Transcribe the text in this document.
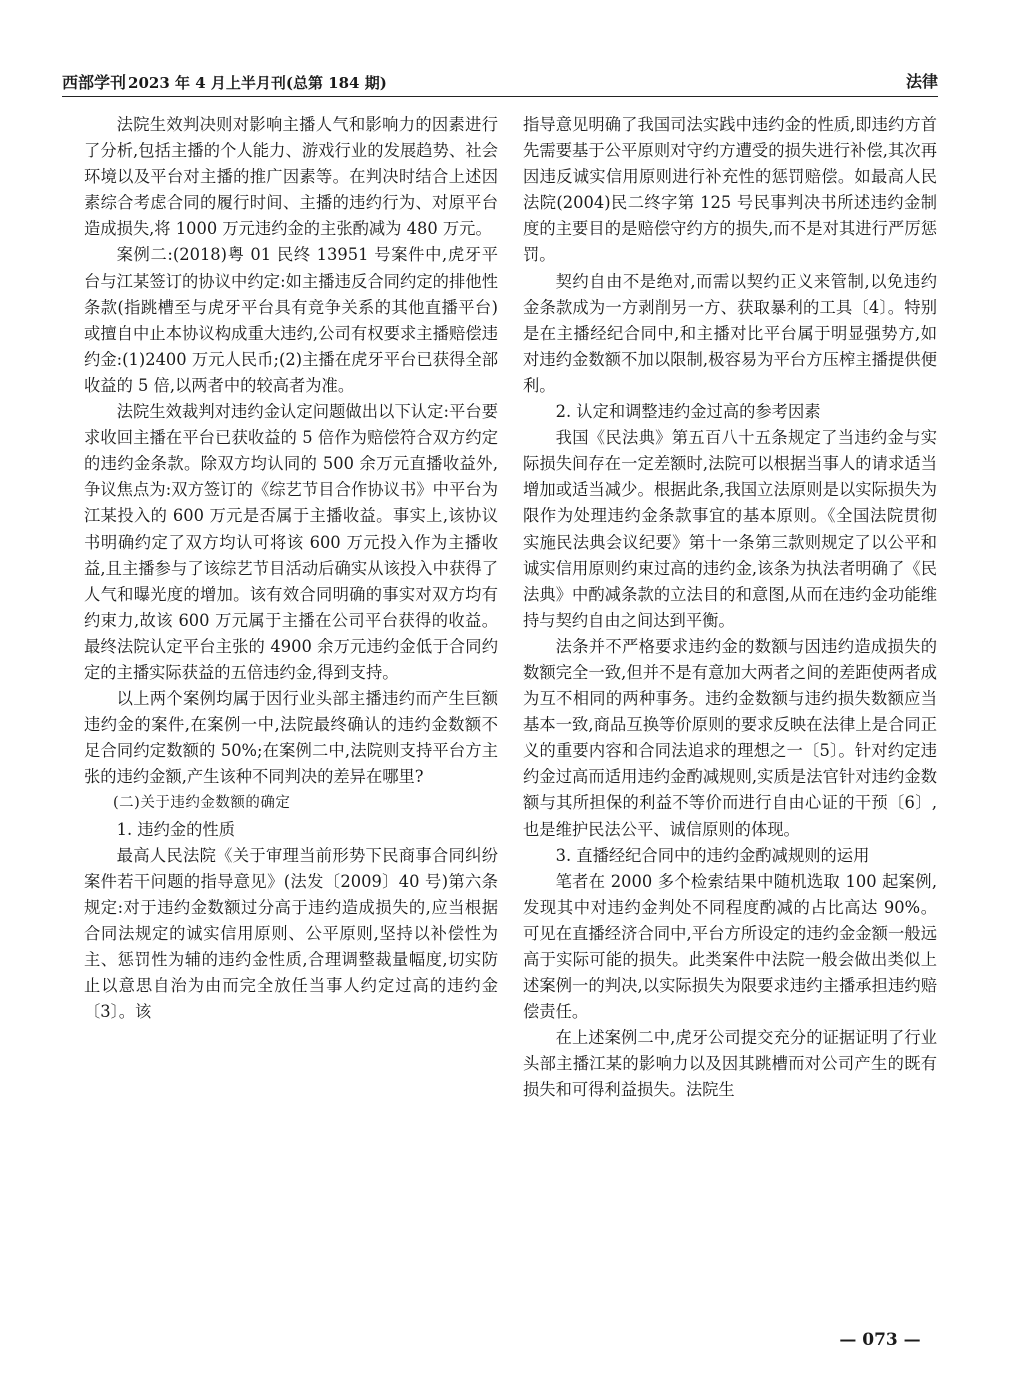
西部学刊 2023 年 4 月上半月刊(总第 184 期)	法律

法院生效判决则对影响主播人气和影响力的因素进行了分析,包括主播的个人能力、游戏行业的发展趋势、社会环境以及平台对主播的推广因素等。在判决时结合上述因素综合考虑合同的履行时间、主播的违约行为、对原平台造成损失,将 1000 万元违约金的主张酌减为 480 万元。

案例二:(2018)粤 01 民终 13951 号案件中,虎牙平台与江某签订的协议中约定:如主播违反合同约定的排他性条款(指跳槽至与虎牙平台具有竞争关系的其他直播平台)或擅自中止本协议构成重大违约,公司有权要求主播赔偿违约金:(1)2400 万元人民币;(2)主播在虎牙平台已获得全部收益的 5 倍,以两者中的较高者为准。

法院生效裁判对违约金认定问题做出以下认定:平台要求收回主播在平台已获收益的 5 倍作为赔偿符合双方约定的违约金条款。除双方均认同的 500 余万元直播收益外,争议焦点为:双方签订的《综艺节目合作协议书》中平台为江某投入的 600 万元是否属于主播收益。事实上,该协议书明确约定了双方均认可将该 600 万元投入作为主播收益,且主播参与了该综艺节目活动后确实从该投入中获得了人气和曝光度的增加。该有效合同明确的事实对双方均有约束力,故该 600 万元属于主播在公司平台获得的收益。最终法院认定平台主张的 4900 余万元违约金低于合同约定的主播实际获益的五倍违约金,得到支持。

以上两个案例均属于因行业头部主播违约而产生巨额违约金的案件,在案例一中,法院最终确认的违约金数额不足合同约定数额的 50%;在案例二中,法院则支持平台方主张的违约金额,产生该种不同判决的差异在哪里?

(二)关于违约金数额的确定

1. 违约金的性质

最高人民法院《关于审理当前形势下民商事合同纠纷案件若干问题的指导意见》(法发〔2009〕40 号)第六条规定:对于违约金数额过分高于违约造成损失的,应当根据合同法规定的诚实信用原则、公平原则,坚持以补偿性为主、惩罚性为辅的违约金性质,合理调整裁量幅度,切实防止以意思自治为由而完全放任当事人约定过高的违约金〔3〕。该

指导意见明确了我国司法实践中违约金的性质,即违约方首先需要基于公平原则对守约方遭受的损失进行补偿,其次再因违反诚实信用原则进行补充性的惩罚赔偿。如最高人民法院(2004)民二终字第 125 号民事判决书所述违约金制度的主要目的是赔偿守约方的损失,而不是对其进行严厉惩罚。

契约自由不是绝对,而需以契约正义来管制,以免违约金条款成为一方剥削另一方、获取暴利的工具〔4〕。特别是在主播经纪合同中,和主播对比平台属于明显强势方,如对违约金数额不加以限制,极容易为平台方压榨主播提供便利。

2. 认定和调整违约金过高的参考因素

我国《民法典》第五百八十五条规定了当违约金与实际损失间存在一定差额时,法院可以根据当事人的请求适当增加或适当减少。根据此条,我国立法原则是以实际损失为限作为处理违约金条款事宜的基本原则。《全国法院贯彻实施民法典会议纪要》第十一条第三款则规定了以公平和诚实信用原则约束过高的违约金,该条为执法者明确了《民法典》中酌减条款的立法目的和意图,从而在违约金功能维持与契约自由之间达到平衡。

法条并不严格要求违约金的数额与因违约造成损失的数额完全一致,但并不是有意加大两者之间的差距使两者成为互不相同的两种事务。违约金数额与违约损失数额应当基本一致,商品互换等价原则的要求反映在法律上是合同正义的重要内容和合同法追求的理想之一〔5〕。针对约定违约金过高而适用违约金酌减规则,实质是法官针对违约金数额与其所担保的利益不等价而进行自由心证的干预〔6〕,也是维护民法公平、诚信原则的体现。

3. 直播经纪合同中的违约金酌减规则的运用

笔者在 2000 多个检索结果中随机选取 100 起案例,发现其中对违约金判处不同程度酌减的占比高达 90%。可见在直播经济合同中,平台方所设定的违约金金额一般远高于实际可能的损失。此类案件中法院一般会做出类似上述案例一的判决,以实际损失为限要求违约主播承担违约赔偿责任。

在上述案例二中,虎牙公司提交充分的证据证明了行业头部主播江某的影响力以及因其跳槽而对公司产生的既有损失和可得利益损失。法院生

— 073 —
